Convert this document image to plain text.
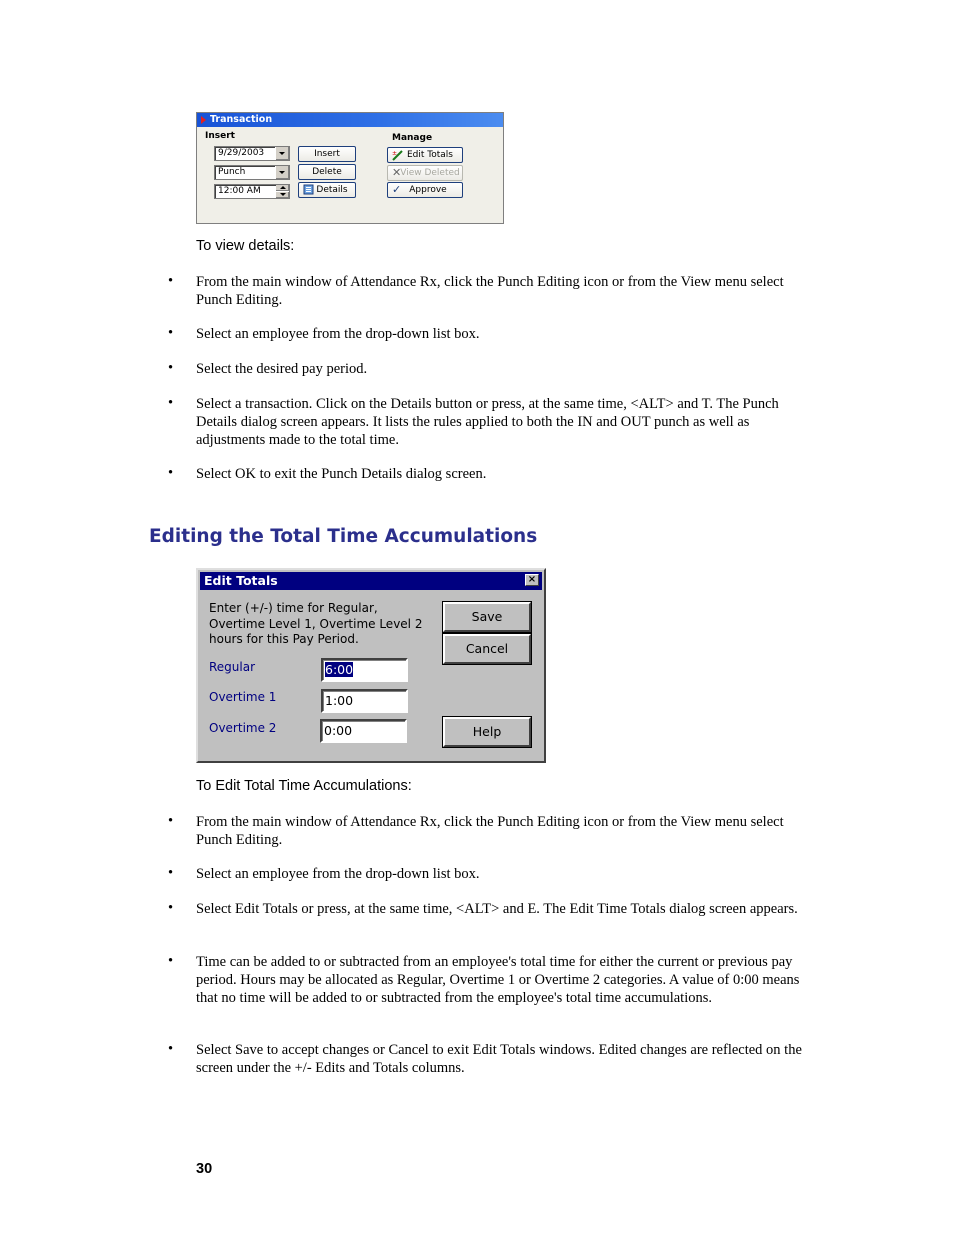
Transaction
Insert	Manage
9/29/2003
Punch
12:00 AM
Insert
Delete
Details
± Edit Totals
✕ View Deleted
✓ Approve
To view details:
• From the main window of Attendance Rx, click the Punch Editing icon or from the View menu select Punch Editing.
• Select an employee from the drop-down list box.
• Select the desired pay period.
• Select a transaction. Click on the Details button or press, at the same time, <ALT> and T. The Punch Details dialog screen appears. It lists the rules applied to both the IN and OUT punch as well as adjustments made to the total time.
• Select OK to exit the Punch Details dialog screen.
Editing the Total Time Accumulations
Edit Totals	×
Enter (+/-) time for Regular, Overtime Level 1, Overtime Level 2 hours for this Pay Period.
Regular
Overtime 1
Overtime 2
6:00
1:00
0:00
Save
Cancel
Help
To Edit Total Time Accumulations:
• From the main window of Attendance Rx, click the Punch Editing icon or from the View menu select Punch Editing.
• Select an employee from the drop-down list box.
• Select Edit Totals or press, at the same time, <ALT> and E. The Edit Time Totals dialog screen appears.
• Time can be added to or subtracted from an employee's total time for either the current or previous pay period. Hours may be allocated as Regular, Overtime 1 or Overtime 2 categories. A value of 0:00 means that no time will be added to or subtracted from the employee's total time accumulations.
• Select Save to accept changes or Cancel to exit Edit Totals windows. Edited changes are reflected on the screen under the +/- Edits and Totals columns.
30
